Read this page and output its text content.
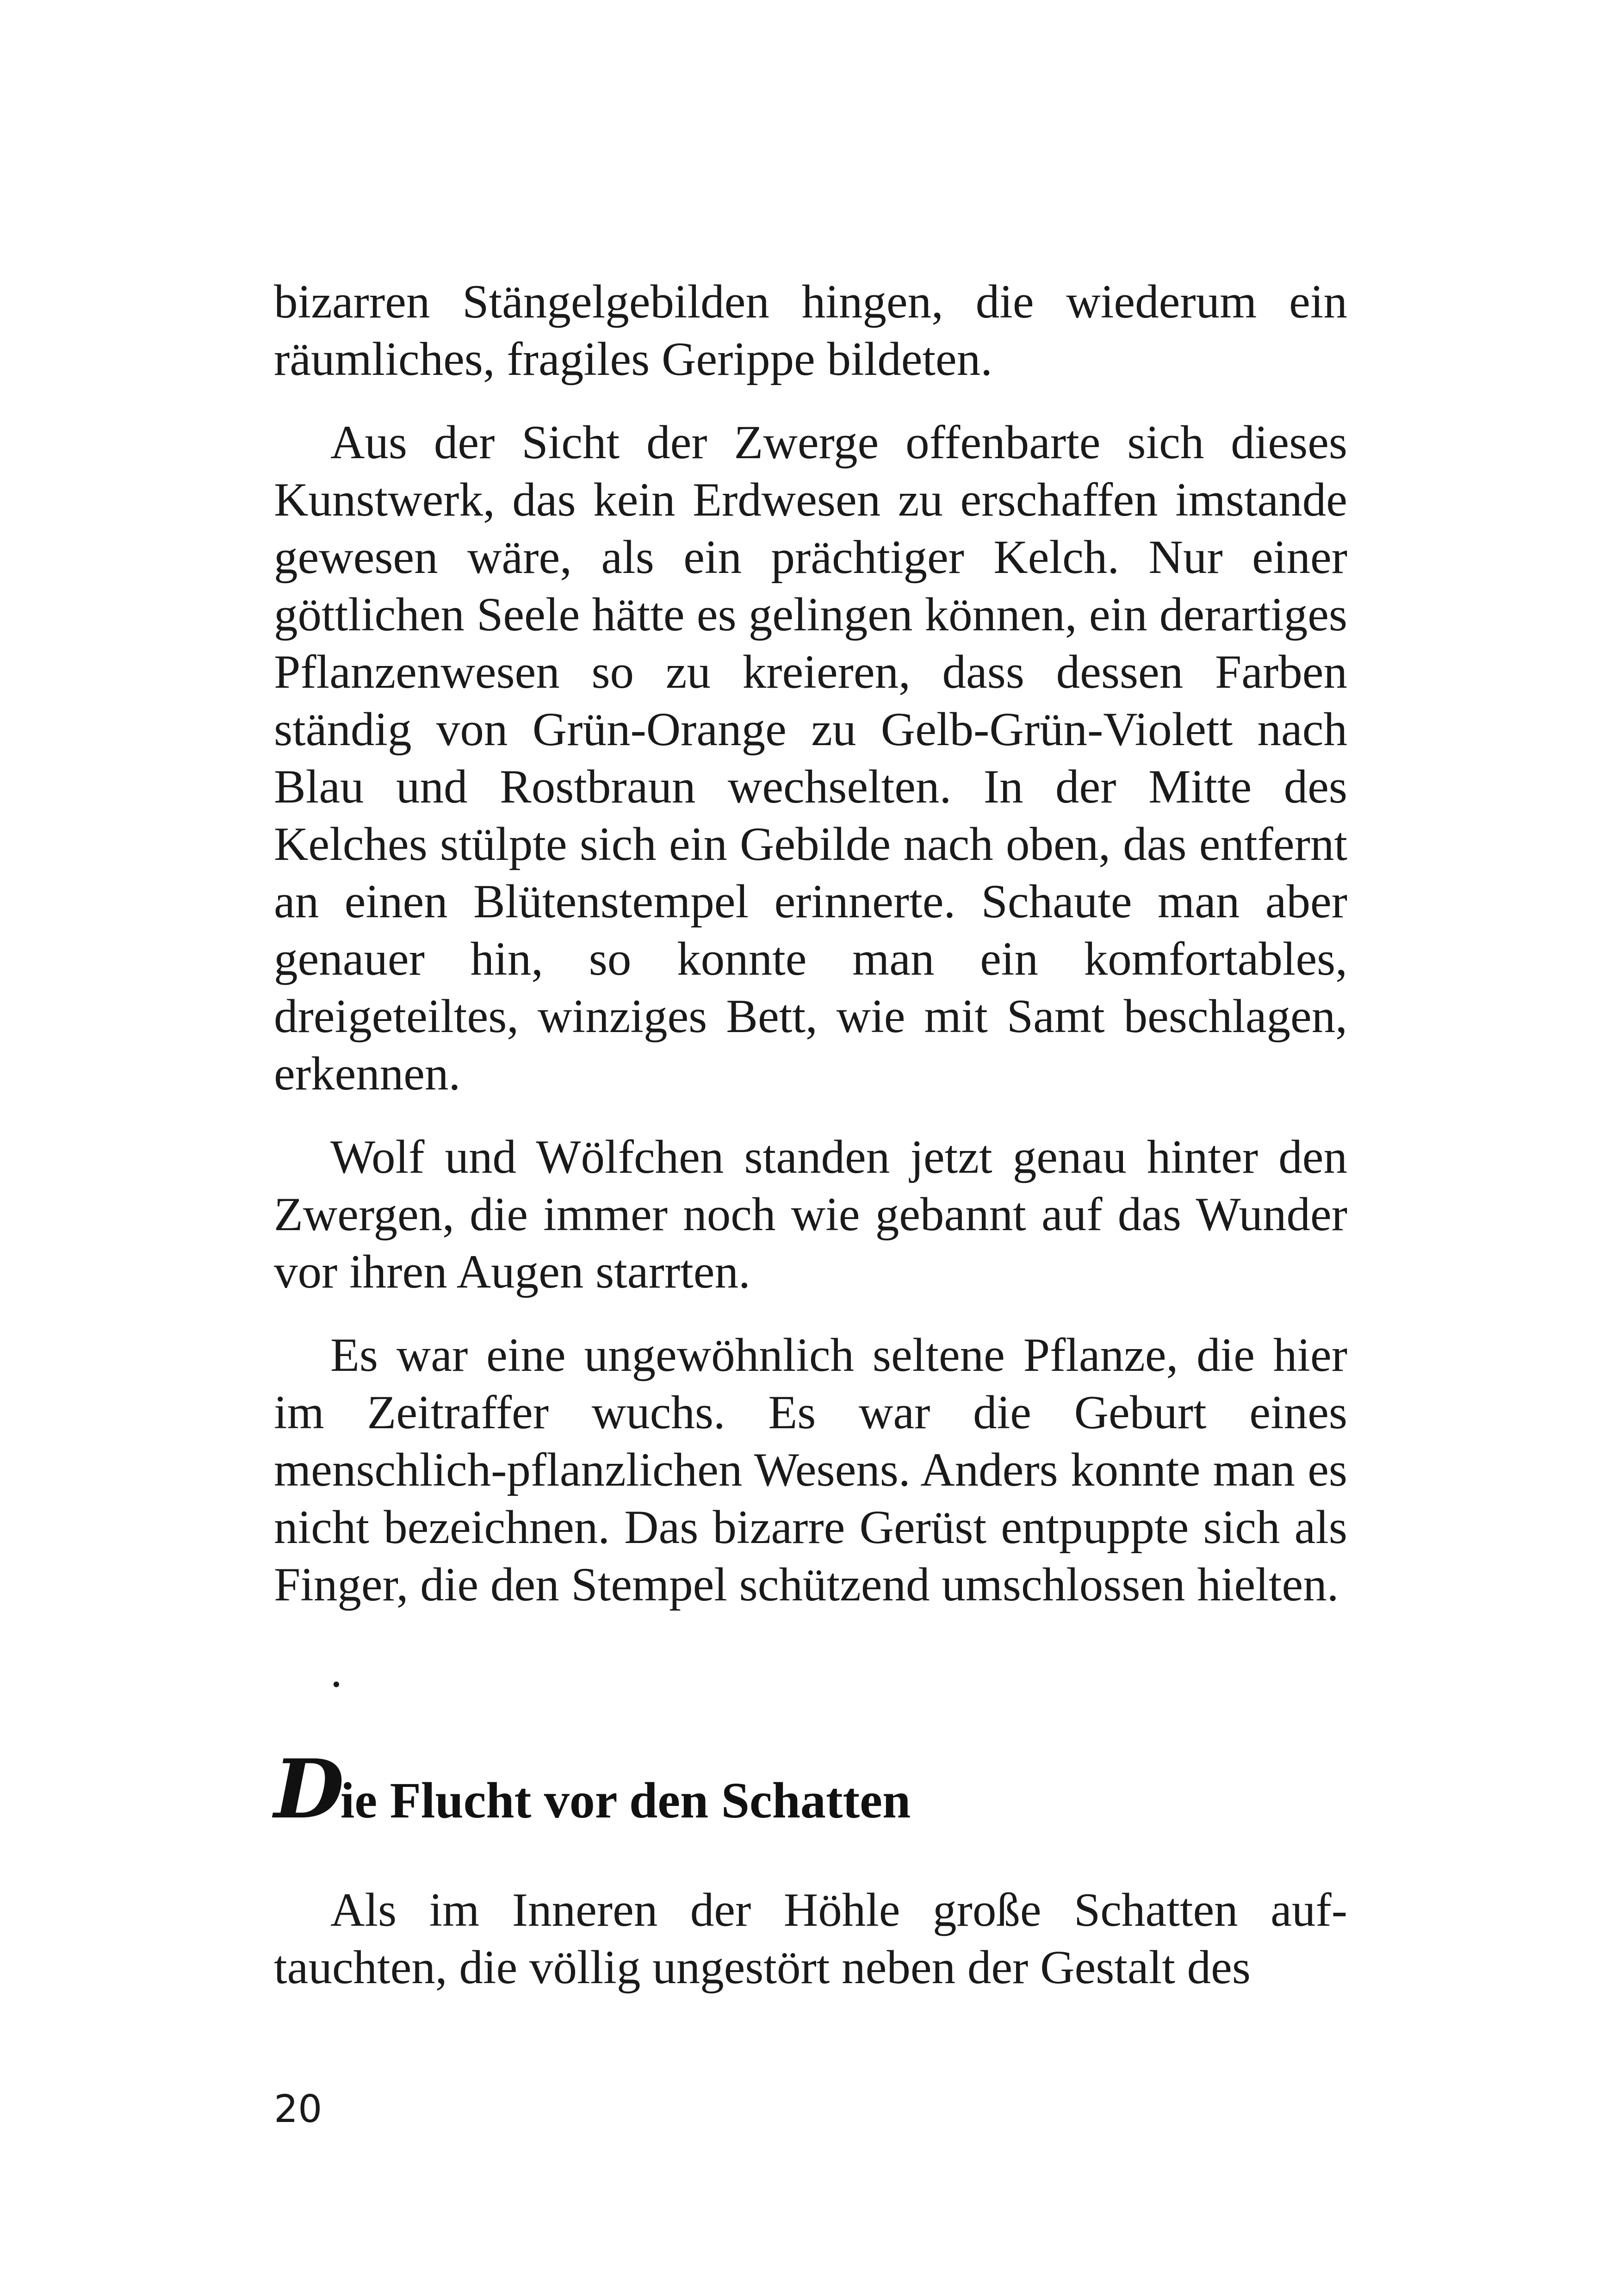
bizarren Stängelgebilden hingen, die wiederum ein räumliches, fragiles Gerippe bildeten.

Aus der Sicht der Zwerge offenbarte sich dieses Kunstwerk, das kein Erdwesen zu erschaffen imstande gewesen wäre, als ein prächtiger Kelch. Nur einer göttlichen Seele hätte es gelingen können, ein derartiges Pflanzenwesen so zu kreieren, dass dessen Farben ständig von Grün-Orange zu Gelb-Grün-Violett nach Blau und Rostbraun wechselten. In der Mitte des Kelches stülpte sich ein Gebilde nach oben, das entfernt an einen Blütenstempel erinnerte. Schaute man aber genauer hin, so konnte man ein komfortables, dreigeteiltes, winziges Bett, wie mit Samt beschlagen, erkennen.

Wolf und Wölfchen standen jetzt genau hinter den Zwergen, die immer noch wie gebannt auf das Wunder vor ihren Augen starrten.

Es war eine ungewöhnlich seltene Pflanze, die hier im Zeitraffer wuchs. Es war die Geburt eines menschlich-pflanzlichen Wesens. Anders konnte man es nicht bezeichnen. Das bizarre Gerüst entpuppte sich als Finger, die den Stempel schützend umschlossen hielten.

.
Die Flucht vor den Schatten

Als im Inneren der Höhle große Schatten auftauchten, die völlig ungestört neben der Gestalt des

20
